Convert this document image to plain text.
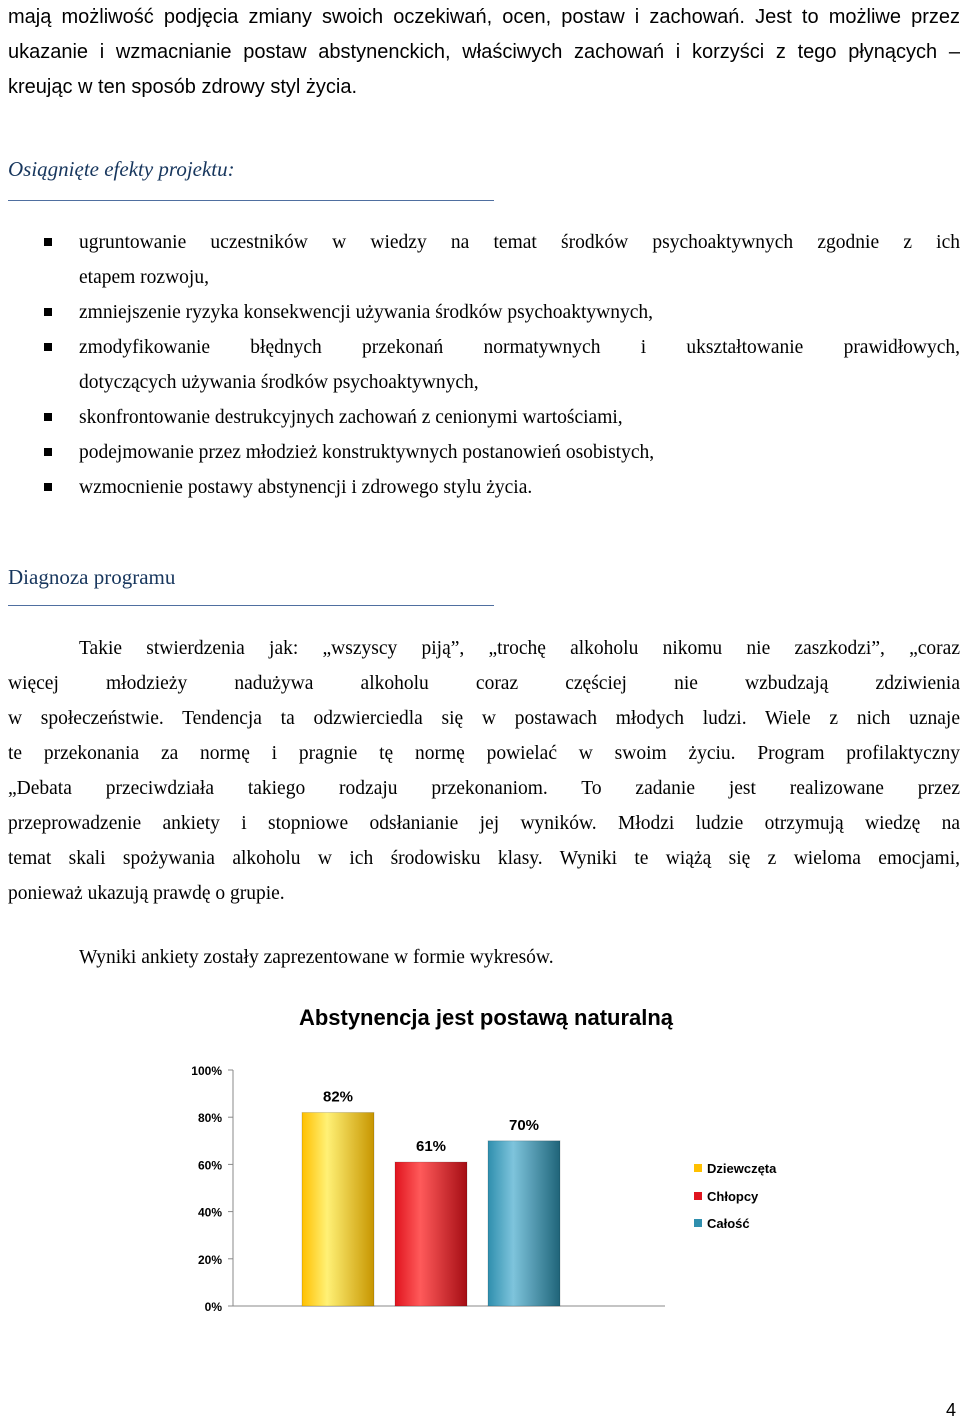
mają możliwość podjęcia zmiany swoich oczekiwań, ocen, postaw i zachowań. Jest to możliwe przez
ukazanie i wzmacnianie postaw abstynenckich, właściwych zachowań i korzyści z tego płynących –
kreując w ten sposób zdrowy styl życia.
Osiągnięte efekty projektu:
ugruntowanie uczestników w wiedzy na temat środków psychoaktywnych zgodnie z ich
etapem rozwoju,
zmniejszenie ryzyka konsekwencji używania środków psychoaktywnych,
zmodyfikowanie błędnych przekonań normatywnych i ukształtowanie prawidłowych,
dotyczących używania środków psychoaktywnych,
skonfrontowanie destrukcyjnych zachowań z cenionymi wartościami,
podejmowanie przez młodzież konstruktywnych postanowień osobistych,
wzmocnienie postawy abstynencji i zdrowego stylu życia.
Diagnoza programu
Takie stwierdzenia jak: „wszyscy piją”, „trochę alkoholu nikomu nie zaszkodzi”, „coraz
więcej młodzieży nadużywa alkoholu coraz częściej nie wzbudzają zdziwienia
w społeczeństwie. Tendencja ta odzwierciedla się w postawach młodych ludzi. Wiele z nich uznaje
te przekonania za normę i pragnie tę normę powielać w swoim życiu. Program profilaktyczny
„Debata przeciwdziała takiego rodzaju przekonaniom. To zadanie jest realizowane przez
przeprowadzenie ankiety i stopniowe odsłanianie jej wyników. Młodzi ludzie otrzymują wiedzę na
temat skali spożywania alkoholu w ich środowisku klasy. Wyniki te wiążą się z wieloma emocjami,
ponieważ ukazują prawdę o grupie.
Wyniki ankiety zostały zaprezentowane w formie wykresów.
Abstynencja jest postawą naturalną
0%
20%
40%
60%
80%
100%
82%
61%
70%
Dziewczęta
Chłopcy
Całość
4
